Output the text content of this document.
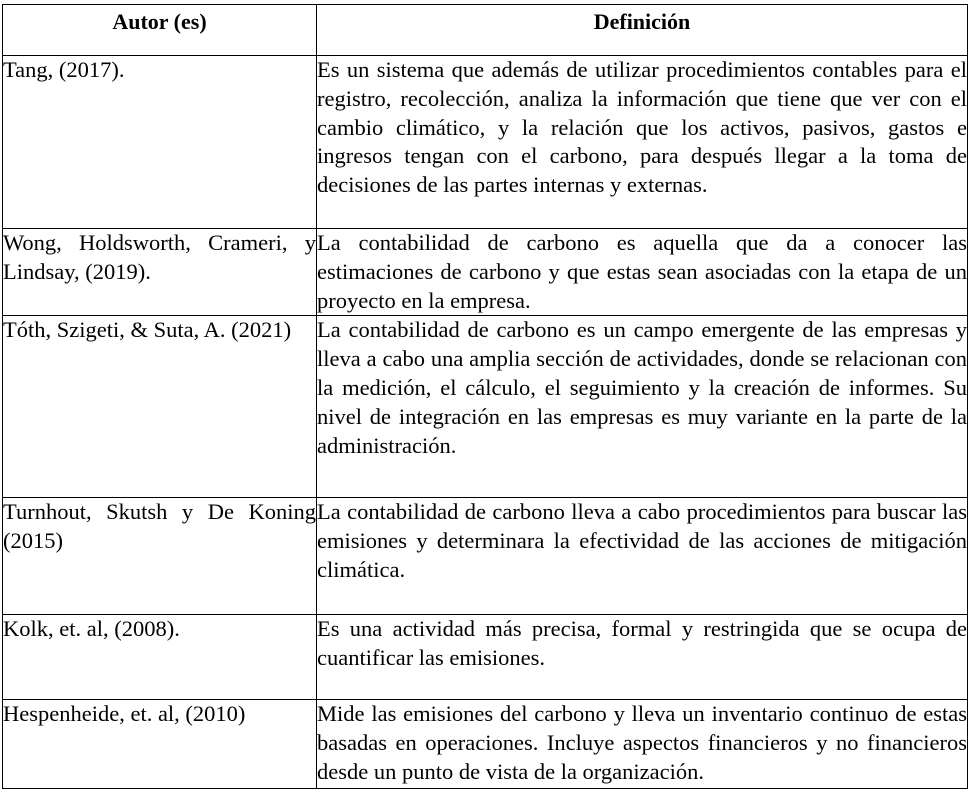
Autor (es)	Definición
Tang, (2017).	Es un sistema que además de utilizar procedimientos contables para el registro, recolección, analiza la información que tiene que ver con el cambio climático, y la relación que los activos, pasivos, gastos e ingresos tengan con el carbono, para después llegar a la toma de decisiones de las partes internas y externas.
Wong, Holdsworth, Crameri, y Lindsay, (2019).	La contabilidad de carbono es aquella que da a conocer las estimaciones de carbono y que estas sean asociadas con la etapa de un proyecto en la empresa.
Tóth, Szigeti, & Suta, A. (2021)	La contabilidad de carbono es un campo emergente de las empresas y lleva a cabo una amplia sección de actividades, donde se relacionan con la medición, el cálculo, el seguimiento y la creación de informes. Su nivel de integración en las empresas es muy variante en la parte de la administración.
Turnhout, Skutsh y De Koning (2015)	La contabilidad de carbono lleva a cabo procedimientos para buscar las emisiones y determinara la efectividad de las acciones de mitigación climática.
Kolk, et. al, (2008).	Es una actividad más precisa, formal y restringida que se ocupa de cuantificar las emisiones.
Hespenheide, et. al, (2010)	Mide las emisiones del carbono y lleva un inventario continuo de estas basadas en operaciones. Incluye aspectos financieros y no financieros desde un punto de vista de la organización.
